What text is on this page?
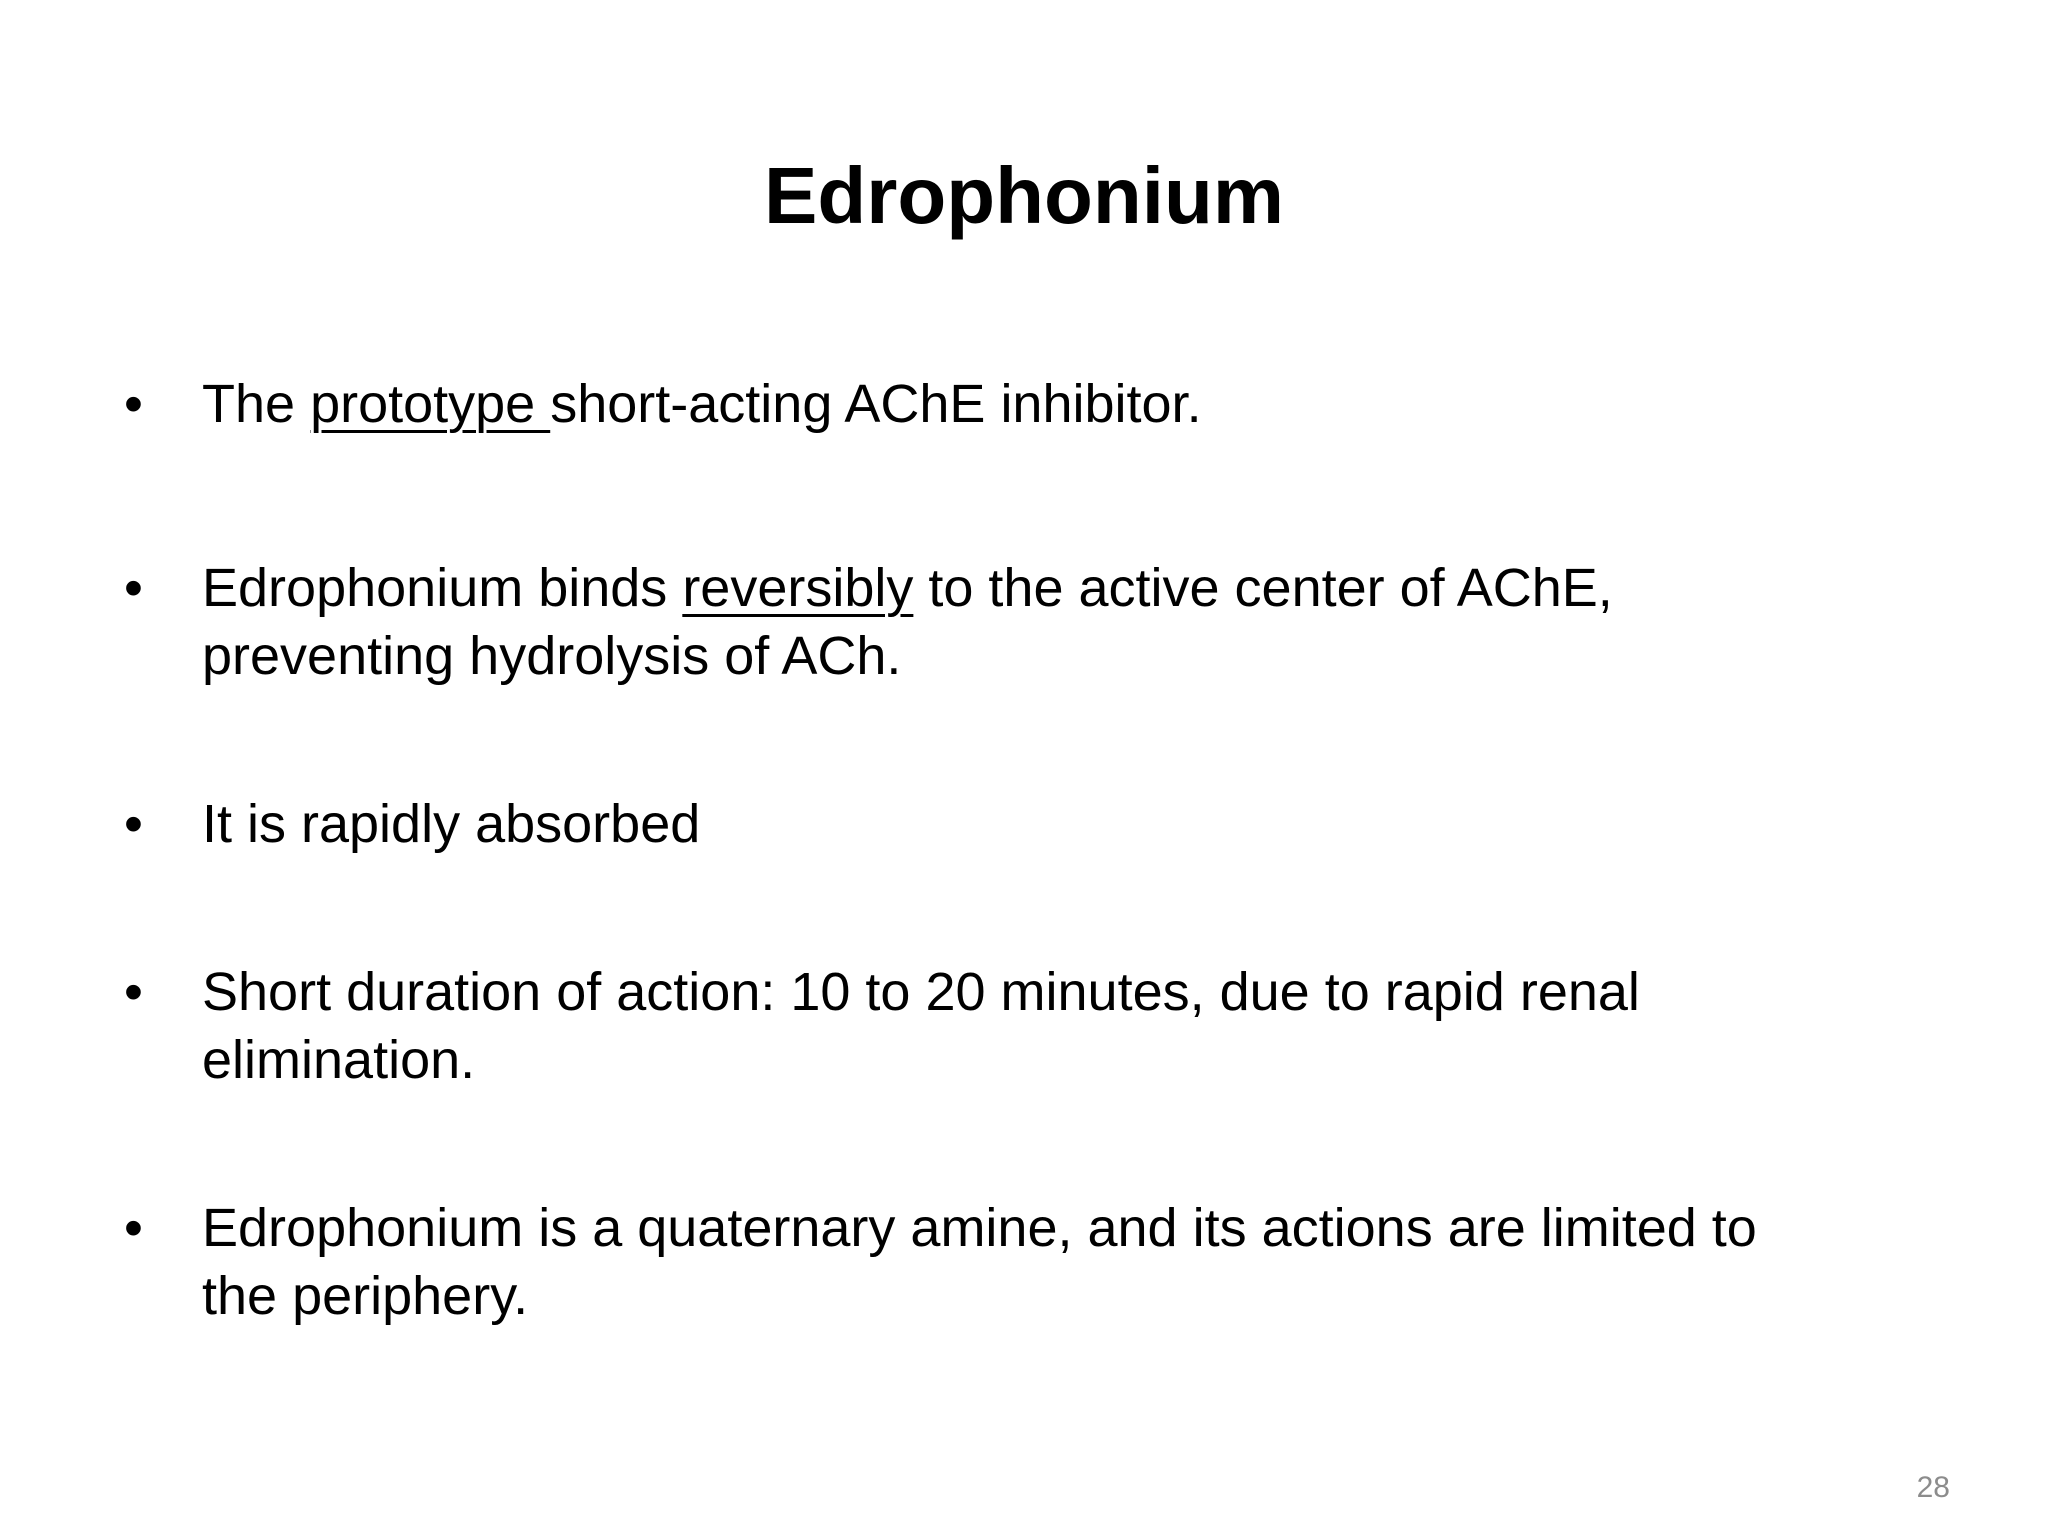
Edrophonium
• The prototype short-acting AChE inhibitor.
• Edrophonium binds reversibly to the active center of AChE,
preventing hydrolysis of ACh.
• It is rapidly absorbed
• Short duration of action: 10 to 20 minutes, due to rapid renal
elimination.
• Edrophonium is a quaternary amine, and its actions are limited to
the periphery.
28
